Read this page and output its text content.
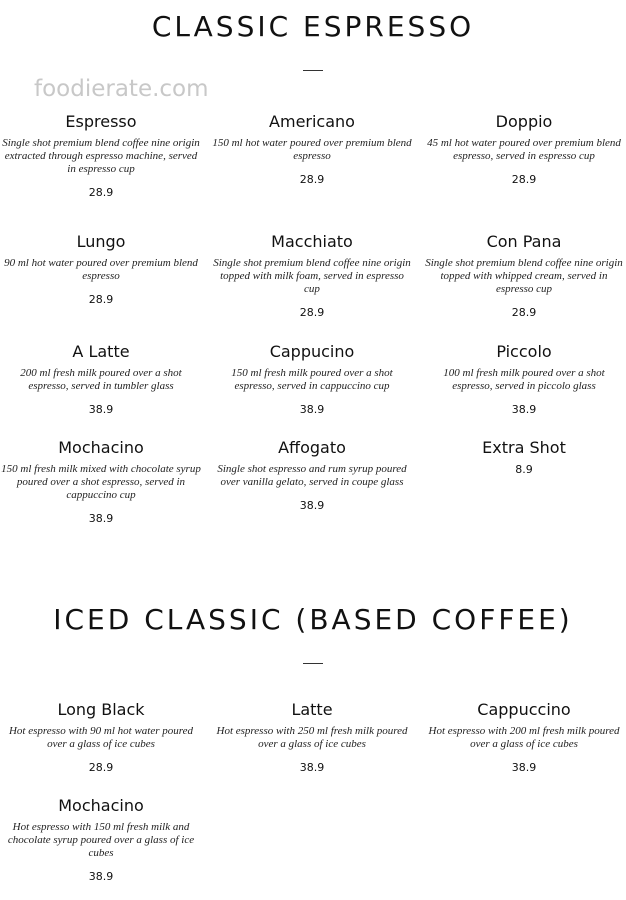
CLASSIC ESPRESSO
foodierate.com
Espresso
Single shot premium blend coffee nine origin extracted through espresso machine, served in espresso cup
28.9
Americano
150 ml hot water poured over premium blend espresso
28.9
Doppio
45 ml hot water poured over premium blend espresso, served in espresso cup
28.9
Lungo
90 ml hot water poured over premium blend espresso
28.9
Macchiato
Single shot premium blend coffee nine origin topped with milk foam, served in espresso cup
28.9
Con Pana
Single shot premium blend coffee nine origin topped with whipped cream, served in espresso cup
28.9
A Latte
200 ml fresh milk poured over a shot espresso, served in tumbler glass
38.9
Cappucino
150 ml fresh milk poured over a shot espresso, served in cappuccino cup
38.9
Piccolo
100 ml fresh milk poured over a shot espresso, served in piccolo glass
38.9
Mochacino
150 ml fresh milk mixed with chocolate syrup poured over a shot espresso, served in cappuccino cup
38.9
Affogato
Single shot espresso and rum syrup poured over vanilla gelato, served in coupe glass
38.9
Extra Shot
8.9
ICED CLASSIC (BASED COFFEE)
Long Black
Hot espresso with 90 ml hot water poured over a glass of ice cubes
28.9
Latte
Hot espresso with 250 ml fresh milk poured over a glass of ice cubes
38.9
Cappuccino
Hot espresso with 200 ml fresh milk poured over a glass of ice cubes
38.9
Mochacino
Hot espresso with 150 ml fresh milk and chocolate syrup poured over a glass of ice cubes
38.9
